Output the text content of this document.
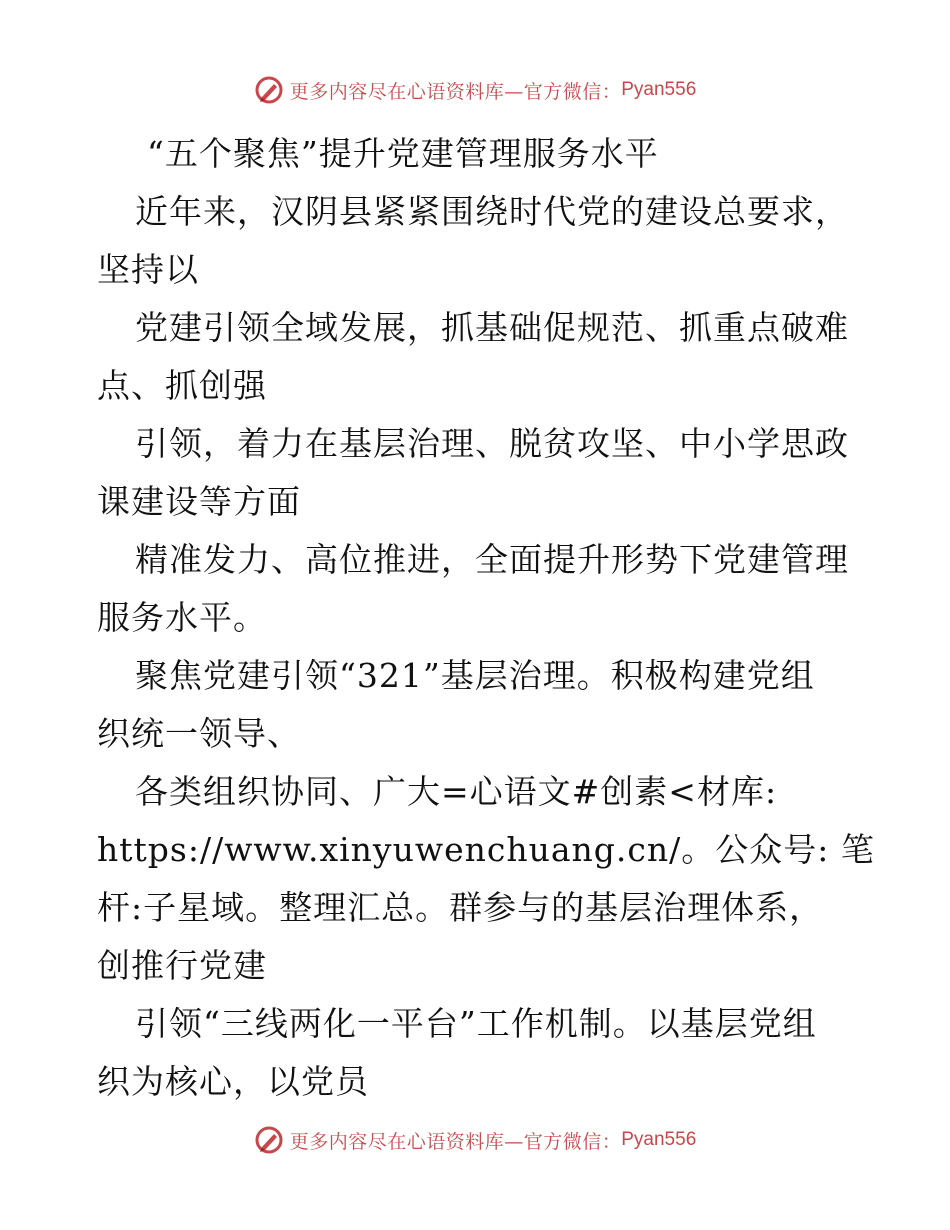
更多内容尽在心语资料库—官方微信： Pyan556
“五个聚焦”提升党建管理服务水平
近年来，汉阴县紧紧围绕时代党的建设总要求，
坚持以
党建引领全域发展，抓基础促规范、抓重点破难
点、抓创强
引领，着力在基层治理、脱贫攻坚、中小学思政
课建设等方面
精准发力、高位推进，全面提升形势下党建管理
服务水平。
聚焦党建引领“321”基层治理。积极构建党组
织统一领导、
各类组织协同、广大=心语文#创素<材库:
https://www.xinyuwenchuang.cn/。公众号: 笔
杆:子星域。整理汇总。群参与的基层治理体系，
创推行党建
引领“三线两化一平台”工作机制。以基层党组
织为核心，以党员
更多内容尽在心语资料库—官方微信： Pyan556
